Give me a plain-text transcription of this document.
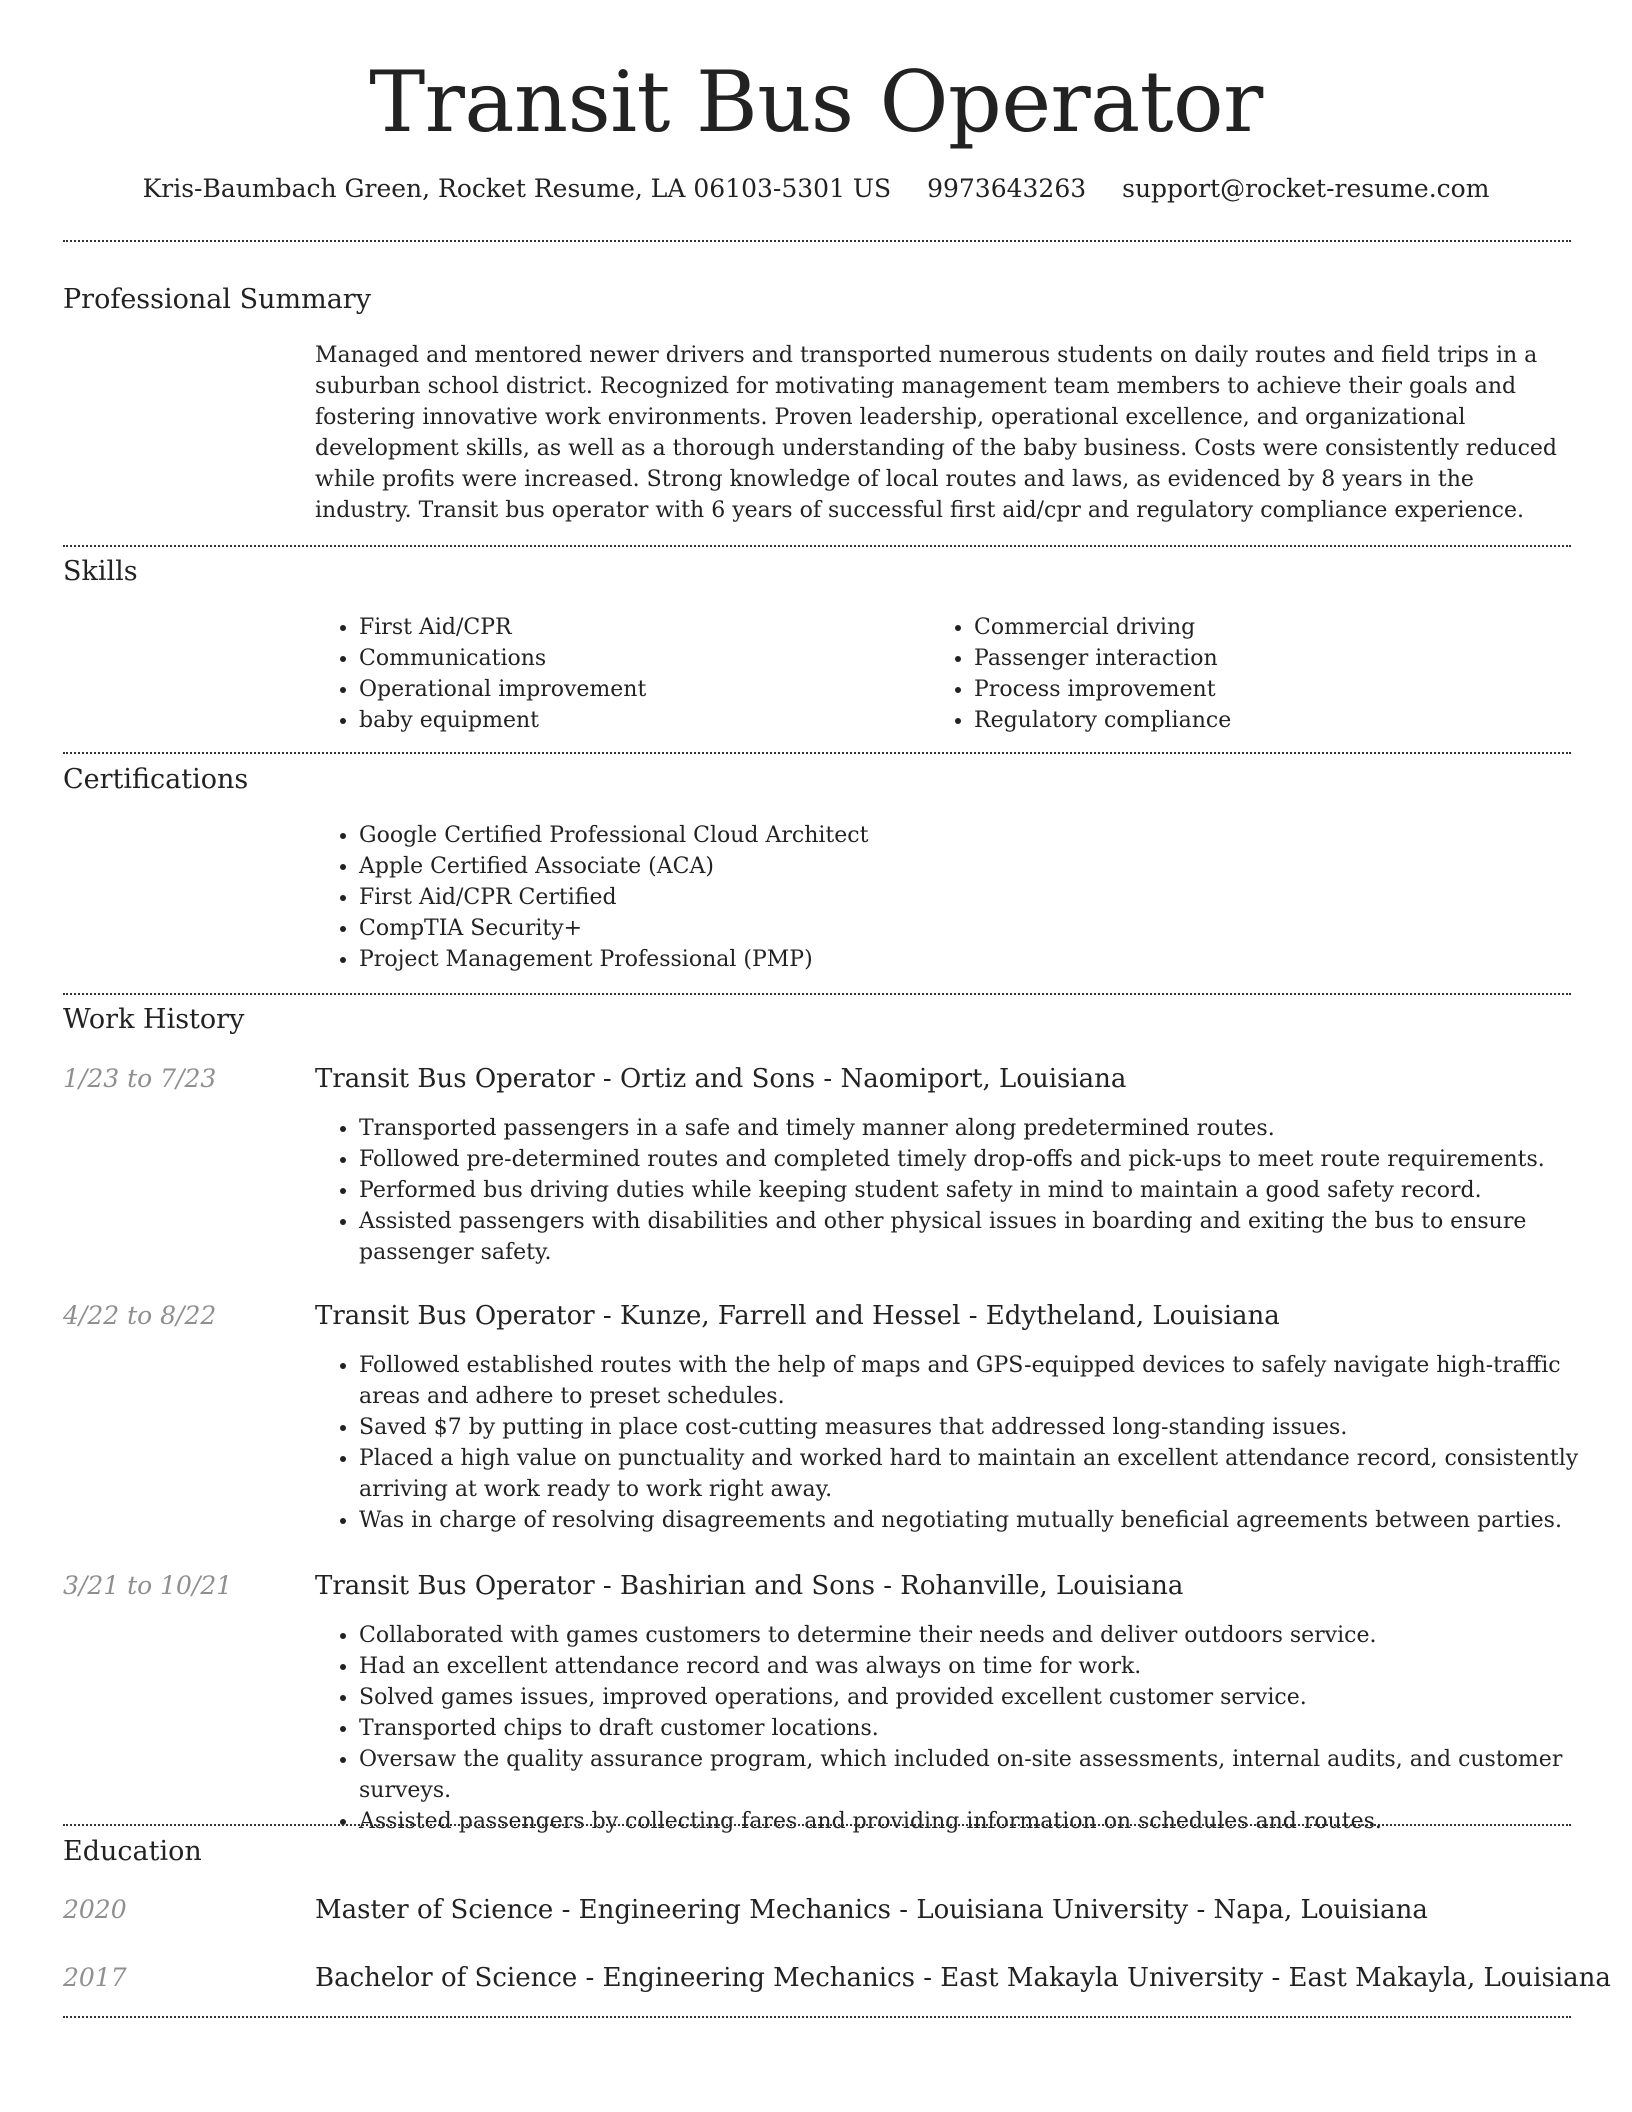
Transit Bus Operator
Kris-Baumbach Green, Rocket Resume, LA 06103-5301 US 9973643263 support@rocket-resume.com
Professional Summary

Managed and mentored newer drivers and transported numerous students on daily routes and field trips in a suburban school district. Recognized for motivating management team members to achieve their goals and fostering innovative work environments. Proven leadership, operational excellence, and organizational development skills, as well as a thorough understanding of the baby business. Costs were consistently reduced while profits were increased. Strong knowledge of local routes and laws, as evidenced by 8 years in the industry. Transit bus operator with 6 years of successful first aid/cpr and regulatory compliance experience.

Skills
• First Aid/CPR
• Communications
• Operational improvement
• baby equipment
• Commercial driving
• Passenger interaction
• Process improvement
• Regulatory compliance
Certifications
• Google Certified Professional Cloud Architect
• Apple Certified Associate (ACA)
• First Aid/CPR Certified
• CompTIA Security+
• Project Management Professional (PMP)
Work History
1/23 to 7/23	Transit Bus Operator - Ortiz and Sons - Naomiport, Louisiana
• Transported passengers in a safe and timely manner along predetermined routes.
• Followed pre-determined routes and completed timely drop-offs and pick-ups to meet route requirements.
• Performed bus driving duties while keeping student safety in mind to maintain a good safety record.
• Assisted passengers with disabilities and other physical issues in boarding and exiting the bus to ensure passenger safety.
4/22 to 8/22	Transit Bus Operator - Kunze, Farrell and Hessel - Edytheland, Louisiana
• Followed established routes with the help of maps and GPS-equipped devices to safely navigate high-traffic areas and adhere to preset schedules.
• Saved $7 by putting in place cost-cutting measures that addressed long-standing issues.
• Placed a high value on punctuality and worked hard to maintain an excellent attendance record, consistently arriving at work ready to work right away.
• Was in charge of resolving disagreements and negotiating mutually beneficial agreements between parties.
3/21 to 10/21	Transit Bus Operator - Bashirian and Sons - Rohanville, Louisiana
• Collaborated with games customers to determine their needs and deliver outdoors service.
• Had an excellent attendance record and was always on time for work.
• Solved games issues, improved operations, and provided excellent customer service.
• Transported chips to draft customer locations.
• Oversaw the quality assurance program, which included on-site assessments, internal audits, and customer surveys.
• Assisted passengers by collecting fares and providing information on schedules and routes.
Education
2020	Master of Science - Engineering Mechanics - Louisiana University - Napa, Louisiana
2017	Bachelor of Science - Engineering Mechanics - East Makayla University - East Makayla, Louisiana
